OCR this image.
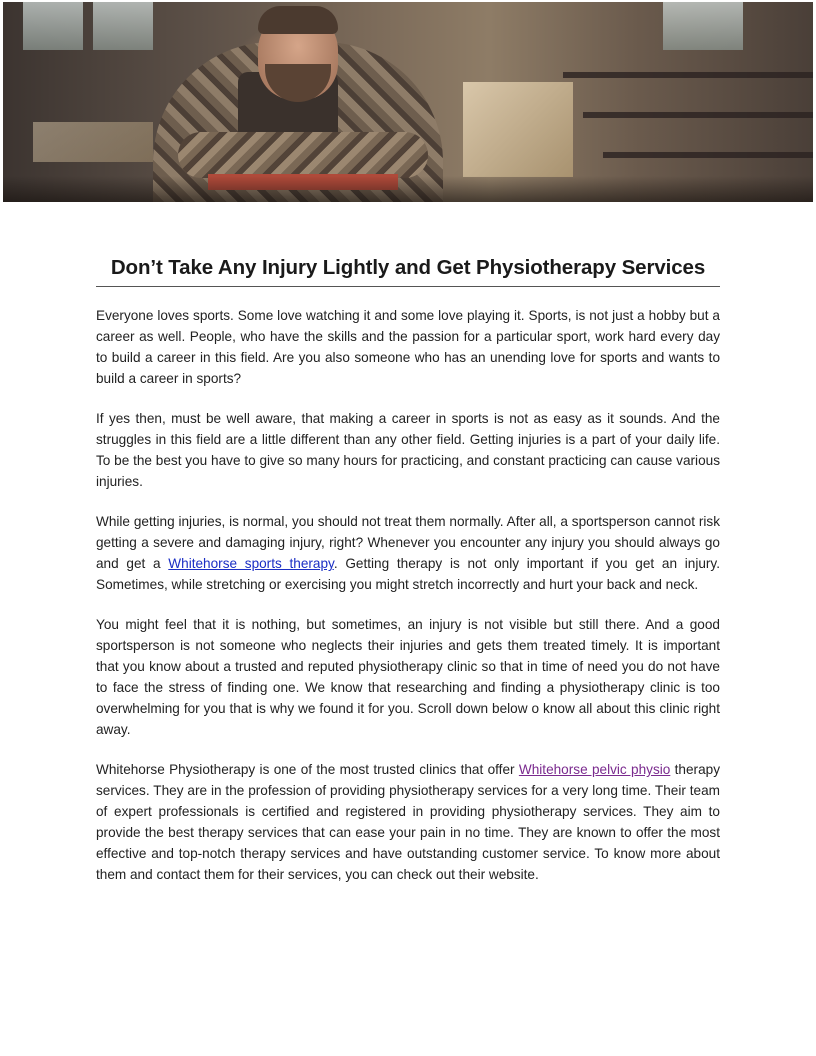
Don’t Take Any Injury Lightly and Get Physiotherapy Services

Everyone loves sports. Some love watching it and some love playing it. Sports, is not just a hobby but a career as well. People, who have the skills and the passion for a particular sport, work hard every day to build a career in this field. Are you also someone who has an unending love for sports and wants to build a career in sports?

If yes then, must be well aware, that making a career in sports is not as easy as it sounds. And the struggles in this field are a little different than any other field. Getting injuries is a part of your daily life. To be the best you have to give so many hours for practicing, and constant practicing can cause various injuries.

While getting injuries, is normal, you should not treat them normally. After all, a sportsperson cannot risk getting a severe and damaging injury, right? Whenever you encounter any injury you should always go and get a Whitehorse sports therapy. Getting therapy is not only important if you get an injury. Sometimes, while stretching or exercising you might stretch incorrectly and hurt your back and neck.

You might feel that it is nothing, but sometimes, an injury is not visible but still there. And a good sportsperson is not someone who neglects their injuries and gets them treated timely. It is important that you know about a trusted and reputed physiotherapy clinic so that in time of need you do not have to face the stress of finding one. We know that researching and finding a physiotherapy clinic is too overwhelming for you that is why we found it for you. Scroll down below o know all about this clinic right away.

Whitehorse Physiotherapy is one of the most trusted clinics that offer Whitehorse pelvic physio therapy services. They are in the profession of providing physiotherapy services for a very long time. Their team of expert professionals is certified and registered in providing physiotherapy services. They aim to provide the best therapy services that can ease your pain in no time. They are known to offer the most effective and top-notch therapy services and have outstanding customer service. To know more about them and contact them for their services, you can check out their website.
